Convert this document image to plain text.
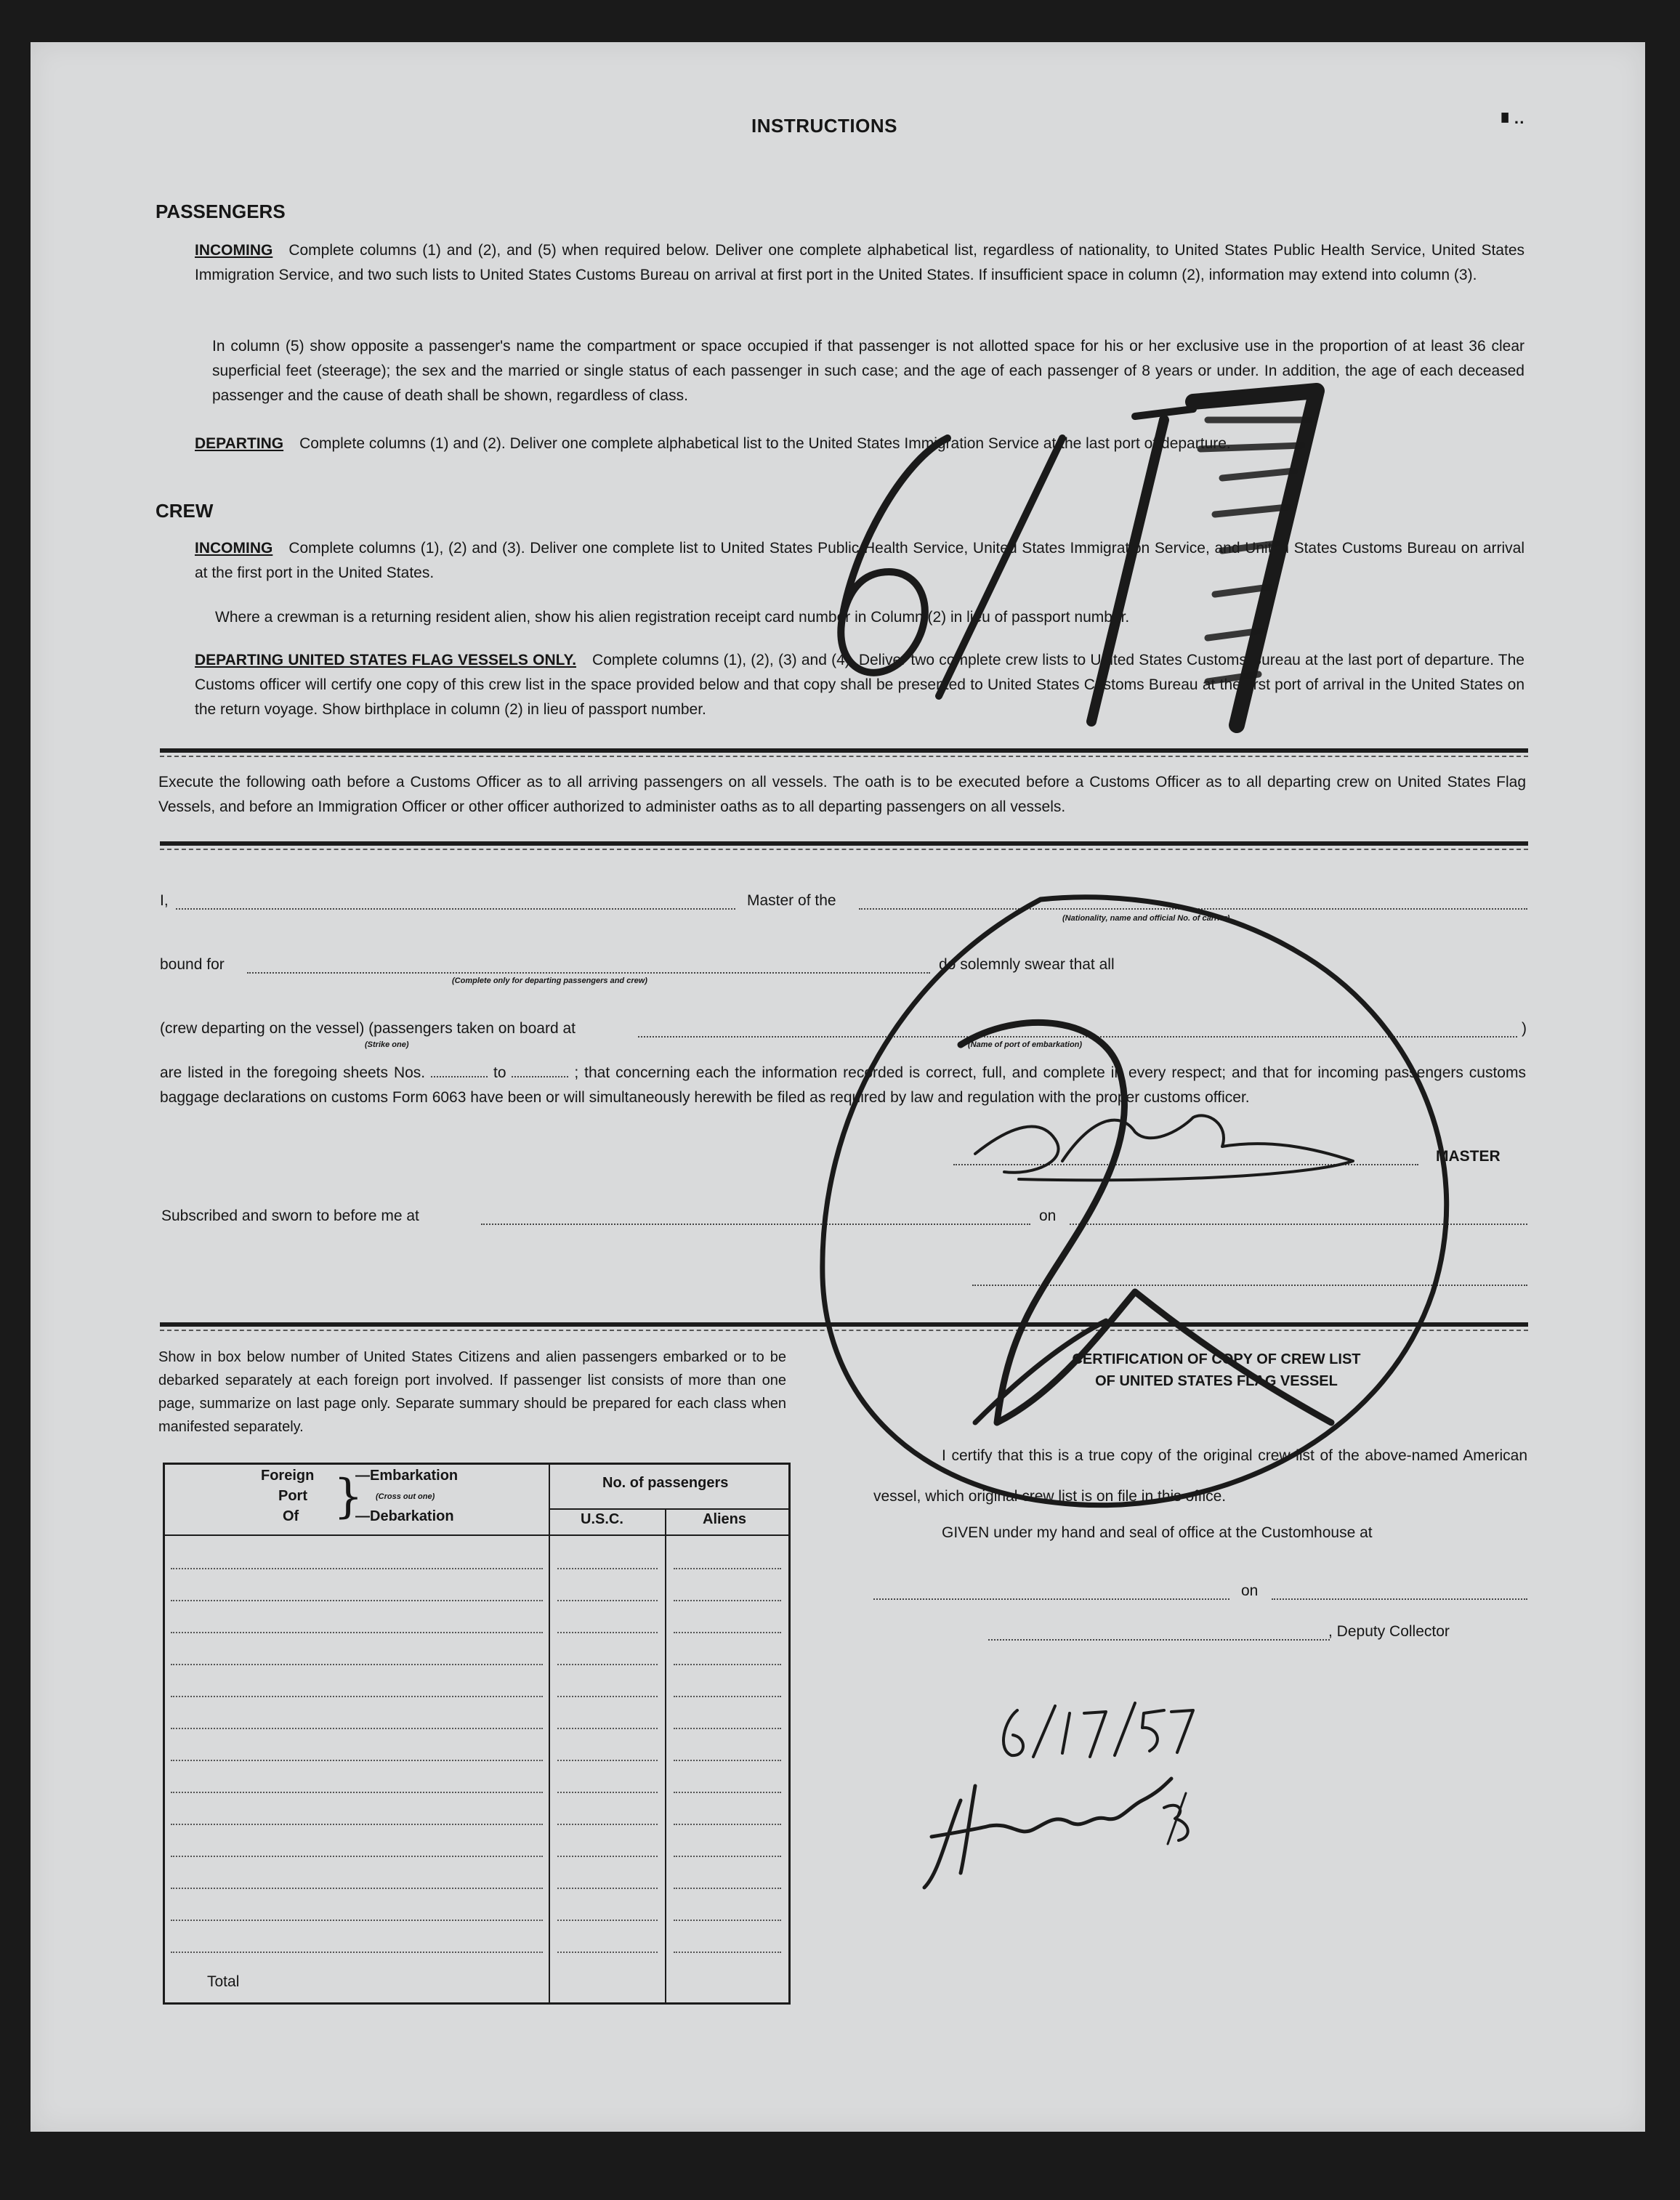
INSTRUCTIONS	▘··
PASSENGERS
INCOMING Complete columns (1) and (2), and (5) when required below. Deliver one complete alphabetical list, regardless of nationality, to United States Public Health Service, United States Immigration Service, and two such lists to United States Customs Bureau on arrival at first port in the United States. If insufficient space in column (2), information may extend into column (3).
In column (5) show opposite a passenger's name the compartment or space occupied if that passenger is not allotted space for his or her exclusive use in the proportion of at least 36 clear superficial feet (steerage); the sex and the married or single status of each passenger in such case; and the age of each passenger of 8 years or under. In addition, the age of each deceased passenger and the cause of death shall be shown, regardless of class.
DEPARTING Complete columns (1) and (2). Deliver one complete alphabetical list to the United States Immigration Service at the last port of departure.
CREW
INCOMING Complete columns (1), (2) and (3). Deliver one complete list to United States Public Health Service, United States Immigration Service, and United States Customs Bureau on arrival at the first port in the United States.
Where a crewman is a returning resident alien, show his alien registration receipt card number in Column (2) in lieu of passport number.
DEPARTING UNITED STATES FLAG VESSELS ONLY. Complete columns (1), (2), (3) and (4). Deliver two complete crew lists to United States Customs Bureau at the last port of departure. The Customs officer will certify one copy of this crew list in the space provided below and that copy shall be presented to United States Customs Bureau at the first port of arrival in the United States on the return voyage. Show birthplace in column (2) in lieu of passport number.
Execute the following oath before a Customs Officer as to all arriving passengers on all vessels. The oath is to be executed before a Customs Officer as to all departing crew on United States Flag Vessels, and before an Immigration Officer or other officer authorized to administer oaths as to all departing passengers on all vessels.
I,	Master of the
(Nationality, name and official No. of carrier)
bound for
(Complete only for departing passengers and crew)
do solemnly swear that all
(crew departing on the vessel) (passengers taken on board at
(Strike one)	(Name of port of embarkation)
)
are listed in the foregoing sheets Nos.	to	; that concerning each the information recorded is correct, full, and complete in every respect; and that for incoming passengers customs baggage declarations on customs Form 6063 have been or will simultaneously herewith be filed as required by law and regulation with the proper customs officer.
MASTER
Subscribed and sworn to before me at	on
Show in box below number of United States Citizens and alien passengers embarked or to be debarked separately at each foreign port involved. If passenger list consists of more than one page, summarize on last page only. Separate summary should be prepared for each class when manifested separately.
Foreign
Port
Of }
—Embarkation
(Cross out one)
—Debarkation
No. of passengers
U.S.C.	Aliens
Total
CERTIFICATION OF COPY OF CREW LIST
OF UNITED STATES FLAG VESSEL
I certify that this is a true copy of the original crew list of the above-named American vessel, which original crew list is on file in this office.
GIVEN under my hand and seal of office at the Customhouse at
on
, Deputy Collector
